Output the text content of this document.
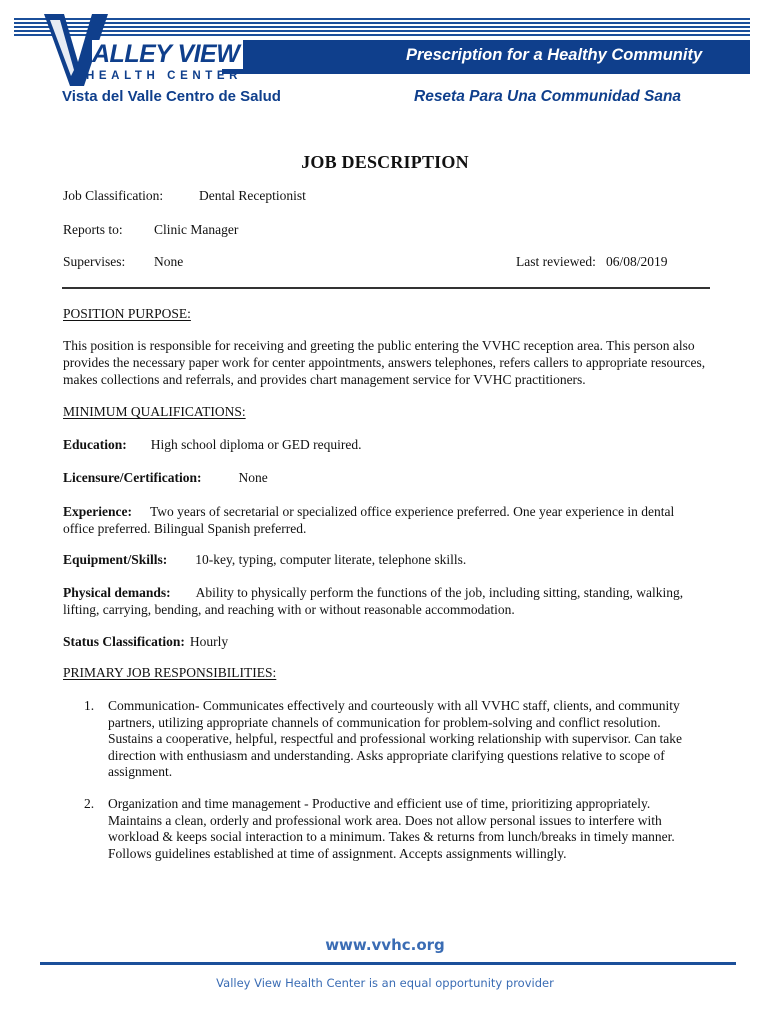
Prescription for a Healthy Community
ALLEY VIEW
HEALTH CENTER
Vista del Valle Centro de Salud	Reseta Para Una Communidad Sana
JOB DESCRIPTION
Job Classification:	Dental Receptionist
Reports to: Clinic Manager
Supervises: None	Last reviewed: 06/08/2019
POSITION PURPOSE:
This position is responsible for receiving and greeting the public entering the VVHC reception area. This person also provides the necessary paper work for center appointments, answers telephones, refers callers to appropriate resources, makes collections and referrals, and provides chart management service for VVHC practitioners.
MINIMUM QUALIFICATIONS:
Education: High school diploma or GED required.
Licensure/Certification:	None
Experience: Two years of secretarial or specialized office experience preferred. One year experience in dental office preferred. Bilingual Spanish preferred.
Equipment/Skills: 10-key, typing, computer literate, telephone skills.
Physical demands: Ability to physically perform the functions of the job, including sitting, standing, walking, lifting, carrying, bending, and reaching with or without reasonable accommodation.
Status Classification: Hourly
PRIMARY JOB RESPONSIBILITIES:
1. Communication- Communicates effectively and courteously with all VVHC staff, clients, and community partners, utilizing appropriate channels of communication for problem-solving and conflict resolution. Sustains a cooperative, helpful, respectful and professional working relationship with supervisor. Can take direction with enthusiasm and understanding. Asks appropriate clarifying questions relative to scope of assignment.
2. Organization and time management - Productive and efficient use of time, prioritizing appropriately. Maintains a clean, orderly and professional work area. Does not allow personal issues to interfere with workload & keeps social interaction to a minimum. Takes & returns from lunch/breaks in timely manner. Follows guidelines established at time of assignment. Accepts assignments willingly.
www.vvhc.org
Valley View Health Center is an equal opportunity provider
